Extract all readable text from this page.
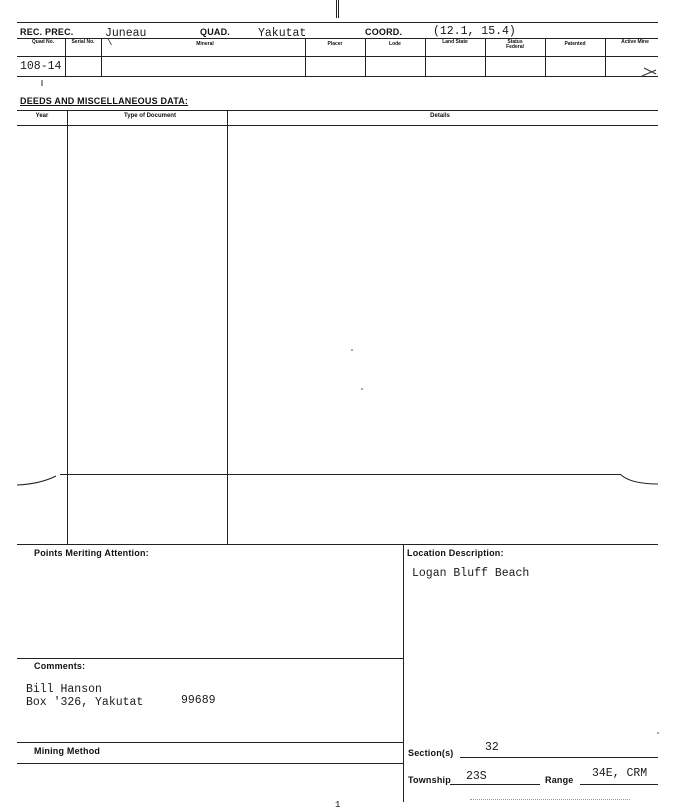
REC. PREC.	Juneau	QUAD. Yakutat	COORD.	(12.1, 15.4)
Quad No.	Serial No.	Mineral	Placer	Lode	Land State	Status Federal	Patented	Active Mine
108-14
\
DEEDS AND MISCELLANEOUS DATA:
Year	Type of Document	Details
Points Meriting Attention:
Comments:
Bill Hanson
Box '326, Yakutat	99689
Mining Method
Location Description:
Logan Bluff Beach
Section(s)	32
Township 23S	Range 34E, CRM
1
